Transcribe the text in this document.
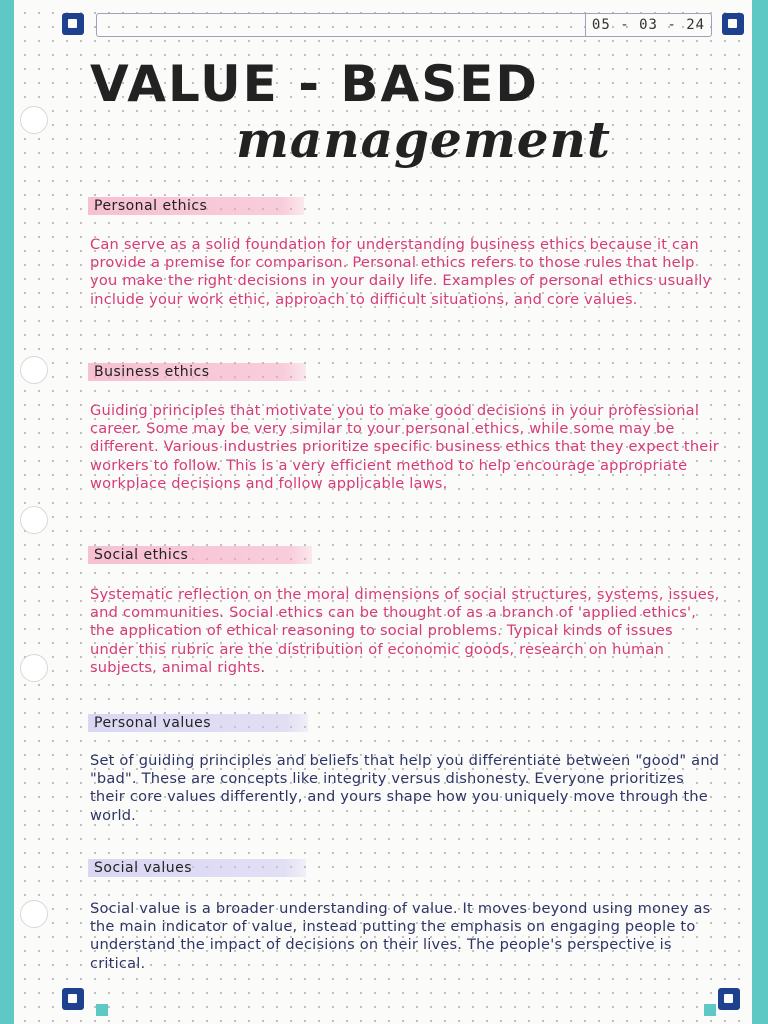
05 - 03 - 24
VALUE - BASED
management
Personal ethics
Can serve as a solid foundation for understanding business ethics because it can provide a premise for comparison. Personal ethics refers to those rules that help you make the right decisions in your daily life. Examples of personal ethics usually include your work ethic, approach to difficult situations, and core values.
Business ethics
Guiding principles that motivate you to make good decisions in your professional career. Some may be very similar to your personal ethics, while some may be different. Various industries prioritize specific business ethics that they expect their workers to follow. This is a very efficient method to help encourage appropriate workplace decisions and follow applicable laws.
Social ethics
Systematic reflection on the moral dimensions of social structures, systems, issues, and communities. Social ethics can be thought of as a branch of 'applied ethics', the application of ethical reasoning to social problems. Typical kinds of issues under this rubric are the distribution of economic goods, research on human subjects, animal rights.
Personal values
Set of guiding principles and beliefs that help you differentiate between "good" and "bad". These are concepts like integrity versus dishonesty. Everyone prioritizes their core values differently, and yours shape how you uniquely move through the world.
Social values
Social value is a broader understanding of value. It moves beyond using money as the main indicator of value, instead putting the emphasis on engaging people to understand the impact of decisions on their lives. The people's perspective is critical.
